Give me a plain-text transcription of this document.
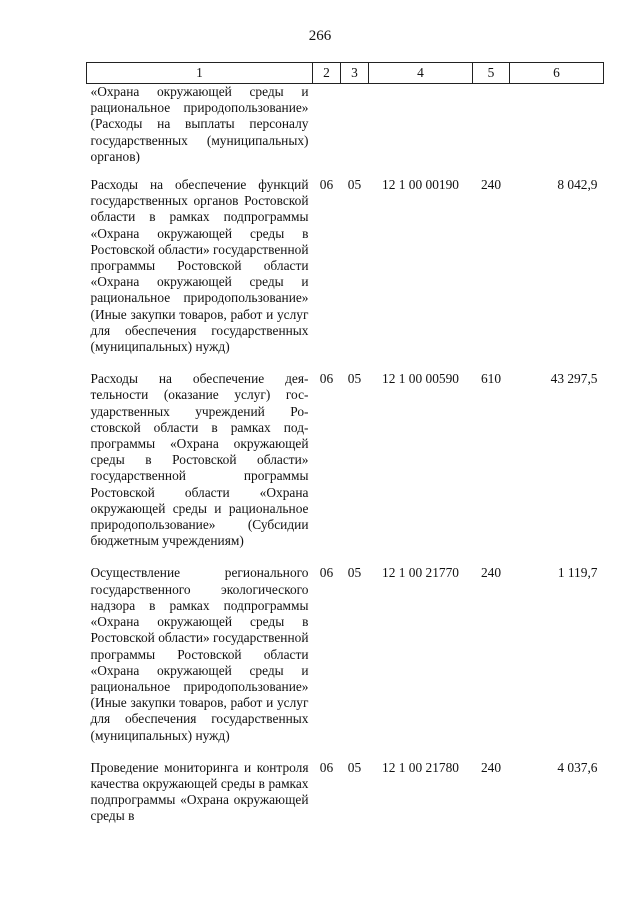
266
1	2	3	4	5	6
«Охрана окружающей среды и рациональное природопользование» (Расходы на выплаты персоналу государственных (муниципальных) органов)					
Расходы на обеспечение функций государственных органов Ростовской области в рамках подпрограммы «Охрана окружающей среды в Ростовской области» государственной программы Ростовской области «Охрана окружающей среды и рациональное природопользование» (Иные закупки товаров, работ и услуг для обеспечения государственных (муниципальных) нужд)	06	05	12 1 00 00190	240	8 042,9
Расходы на обеспечение деятельности (оказание услуг) государственных учреждений Ростовской области в рамках подпрограммы «Охрана окружающей среды в Ростовской области» государственной программы Ростовской области «Охрана окружающей среды и рациональное природопользование» (Субсидии бюджетным учреждениям)	06	05	12 1 00 00590	610	43 297,5
Осуществление регионального государственного экологического надзора в рамках подпрограммы «Охрана окружающей среды в Ростовской области» государственной программы Ростовской области «Охрана окружающей среды и рациональное природопользование» (Иные закупки товаров, работ и услуг для обеспечения государственных (муниципальных) нужд)	06	05	12 1 00 21770	240	1 119,7
Проведение мониторинга и контроля качества окружающей среды в рамках подпрограммы «Охрана окружающей среды в	06	05	12 1 00 21780	240	4 037,6
